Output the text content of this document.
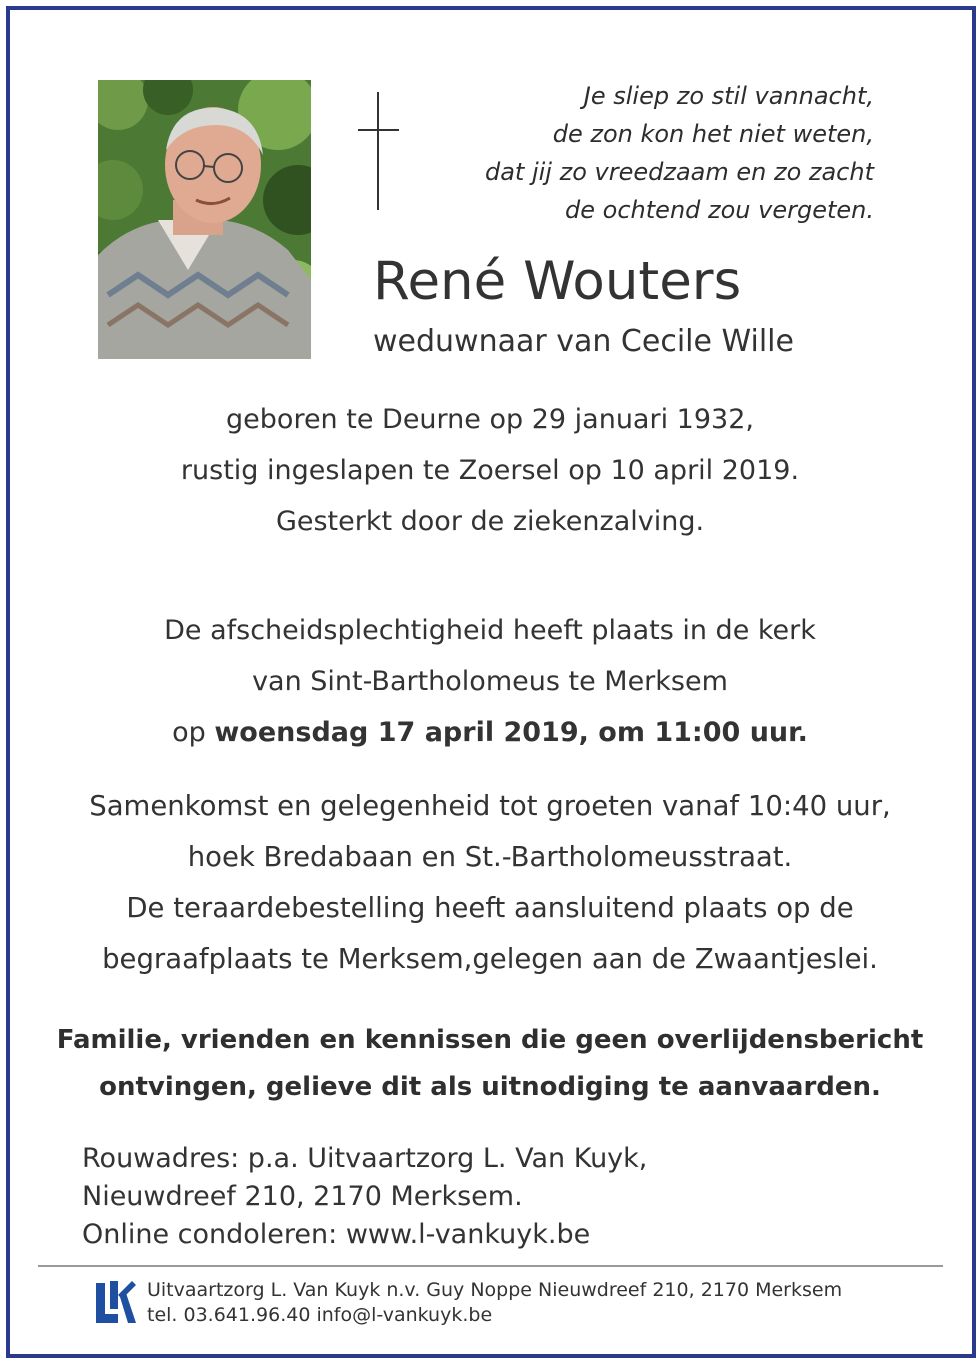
Je sliep zo stil vannacht,
de zon kon het niet weten,
dat jij zo vreedzaam en zo zacht
de ochtend zou vergeten.
René Wouters
weduwnaar van Cecile Wille
geboren te Deurne op 29 januari 1932,
rustig ingeslapen te Zoersel op 10 april 2019.
Gesterkt door de ziekenzalving.
De afscheidsplechtigheid heeft plaats in de kerk
van Sint-Bartholomeus te Merksem
op woensdag 17 april 2019, om 11:00 uur.
Samenkomst en gelegenheid tot groeten vanaf 10:40 uur,
hoek Bredabaan en St.-Bartholomeusstraat.
De teraardebestelling heeft aansluitend plaats op de
begraafplaats te Merksem,gelegen aan de Zwaantjeslei.
Familie, vrienden en kennissen die geen overlijdensbericht
ontvingen, gelieve dit als uitnodiging te aanvaarden.
Rouwadres: p.a. Uitvaartzorg L. Van Kuyk,
Nieuwdreef 210, 2170 Merksem.
Online condoleren: www.l-vankuyk.be
Uitvaartzorg L. Van Kuyk n.v. Guy Noppe Nieuwdreef 210, 2170 Merksem
tel. 03.641.96.40 info@l-vankuyk.be
